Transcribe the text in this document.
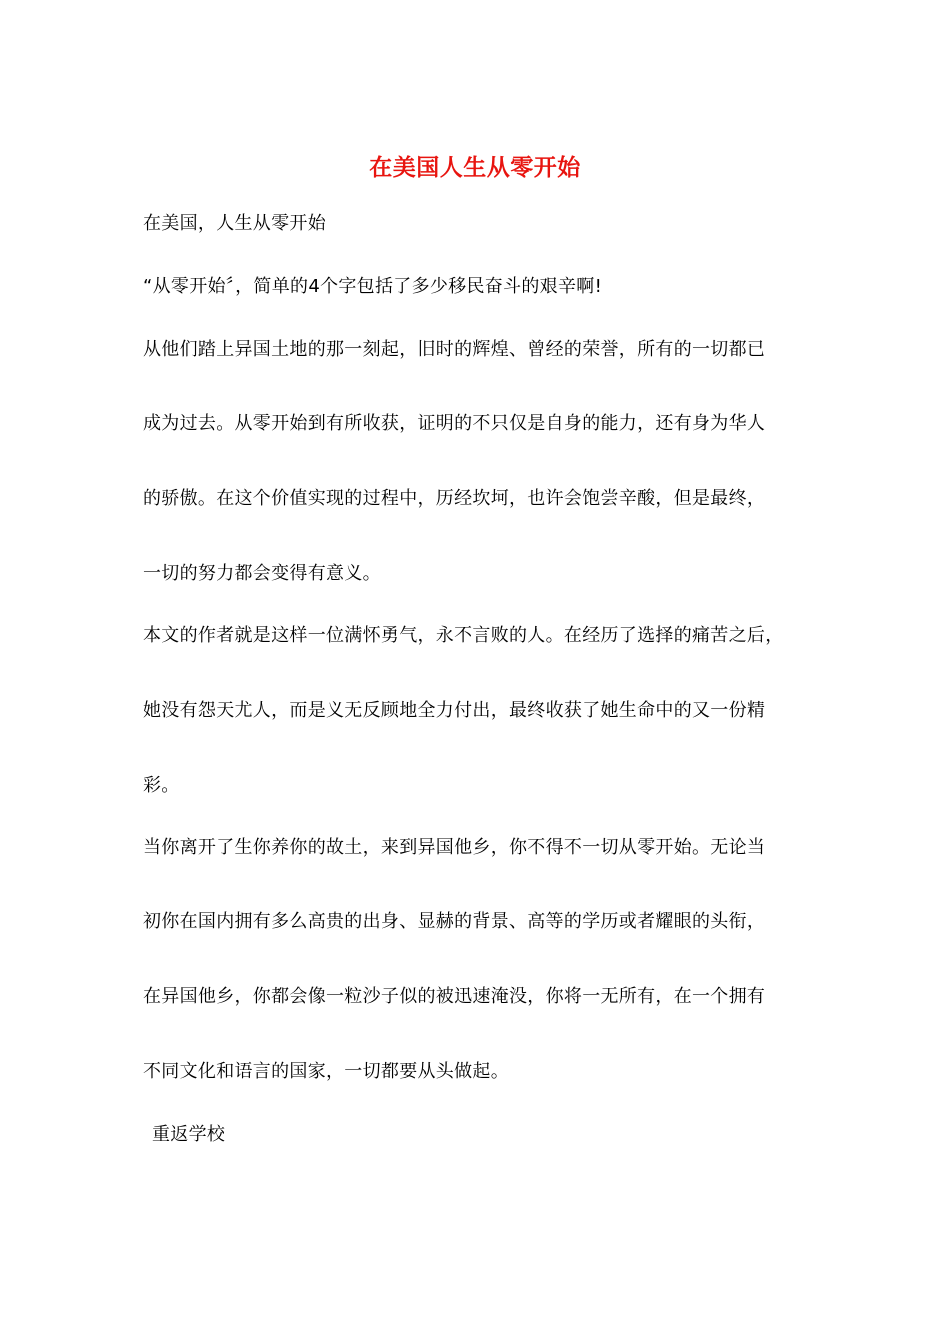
在美国人生从零开始
在美国，人生从零开始
“从零开始〞，简单的4个字包括了多少移民奋斗的艰辛啊!
从他们踏上异国土地的那一刻起，旧时的辉煌、曾经的荣誉，所有的一切都已
成为过去。从零开始到有所收获，证明的不只仅是自身的能力，还有身为华人
的骄傲。在这个价值实现的过程中，历经坎坷，也许会饱尝辛酸，但是最终，
一切的努力都会变得有意义。
本文的作者就是这样一位满怀勇气，永不言败的人。在经历了选择的痛苦之后，
她没有怨天尤人，而是义无反顾地全力付出，最终收获了她生命中的又一份精
彩。
当你离开了生你养你的故土，来到异国他乡，你不得不一切从零开始。无论当
初你在国内拥有多么高贵的出身、显赫的背景、高等的学历或者耀眼的头衔，
在异国他乡，你都会像一粒沙子似的被迅速淹没，你将一无所有，在一个拥有
不同文化和语言的国家，一切都要从头做起。
重返学校
